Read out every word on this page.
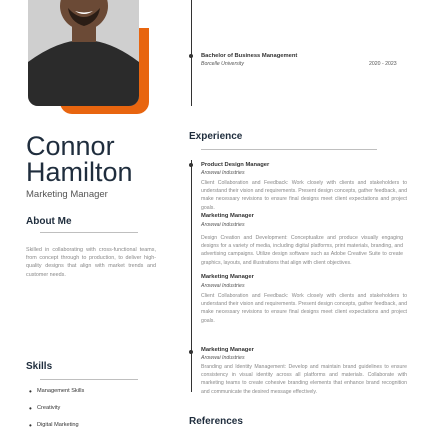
Connor
Hamilton
Marketing Manager
About Me
Skilled in collaborating with cross-functional teams, from concept through to production, to deliver high-quality designs that align with market trends and customer needs.
Skills
• Management Skills
• Creativity
• Digital Marketing
Bachelor of Business Management
Borcelle University	2020 - 2023
Experience
Product Design Manager
Arowwai Industries
Client Collaboration and Feedback: Work closely with clients and stakeholders to understand their vision and requirements. Present design concepts, gather feedback, and make necessary revisions to ensure final designs meet client expectations and project goals.
Marketing Manager
Arowwai Industries
Design Creation and Development: Conceptualize and produce visually engaging designs for a variety of media, including digital platforms, print materials, branding, and advertising campaigns. Utilize design software such as Adobe Creative Suite to create graphics, layouts, and illustrations that align with client objectives.
Marketing Manager
Arowwai Industries
Client Collaboration and Feedback: Work closely with clients and stakeholders to understand their vision and requirements. Present design concepts, gather feedback, and make necessary revisions to ensure final designs meet client expectations and project goals.
Marketing Manager
Arowwai Industries
Branding and Identity Management: Develop and maintain brand guidelines to ensure consistency in visual identity across all platforms and materials. Collaborate with marketing teams to create cohesive branding elements that enhance brand recognition and communicate the desired message effectively.
References
